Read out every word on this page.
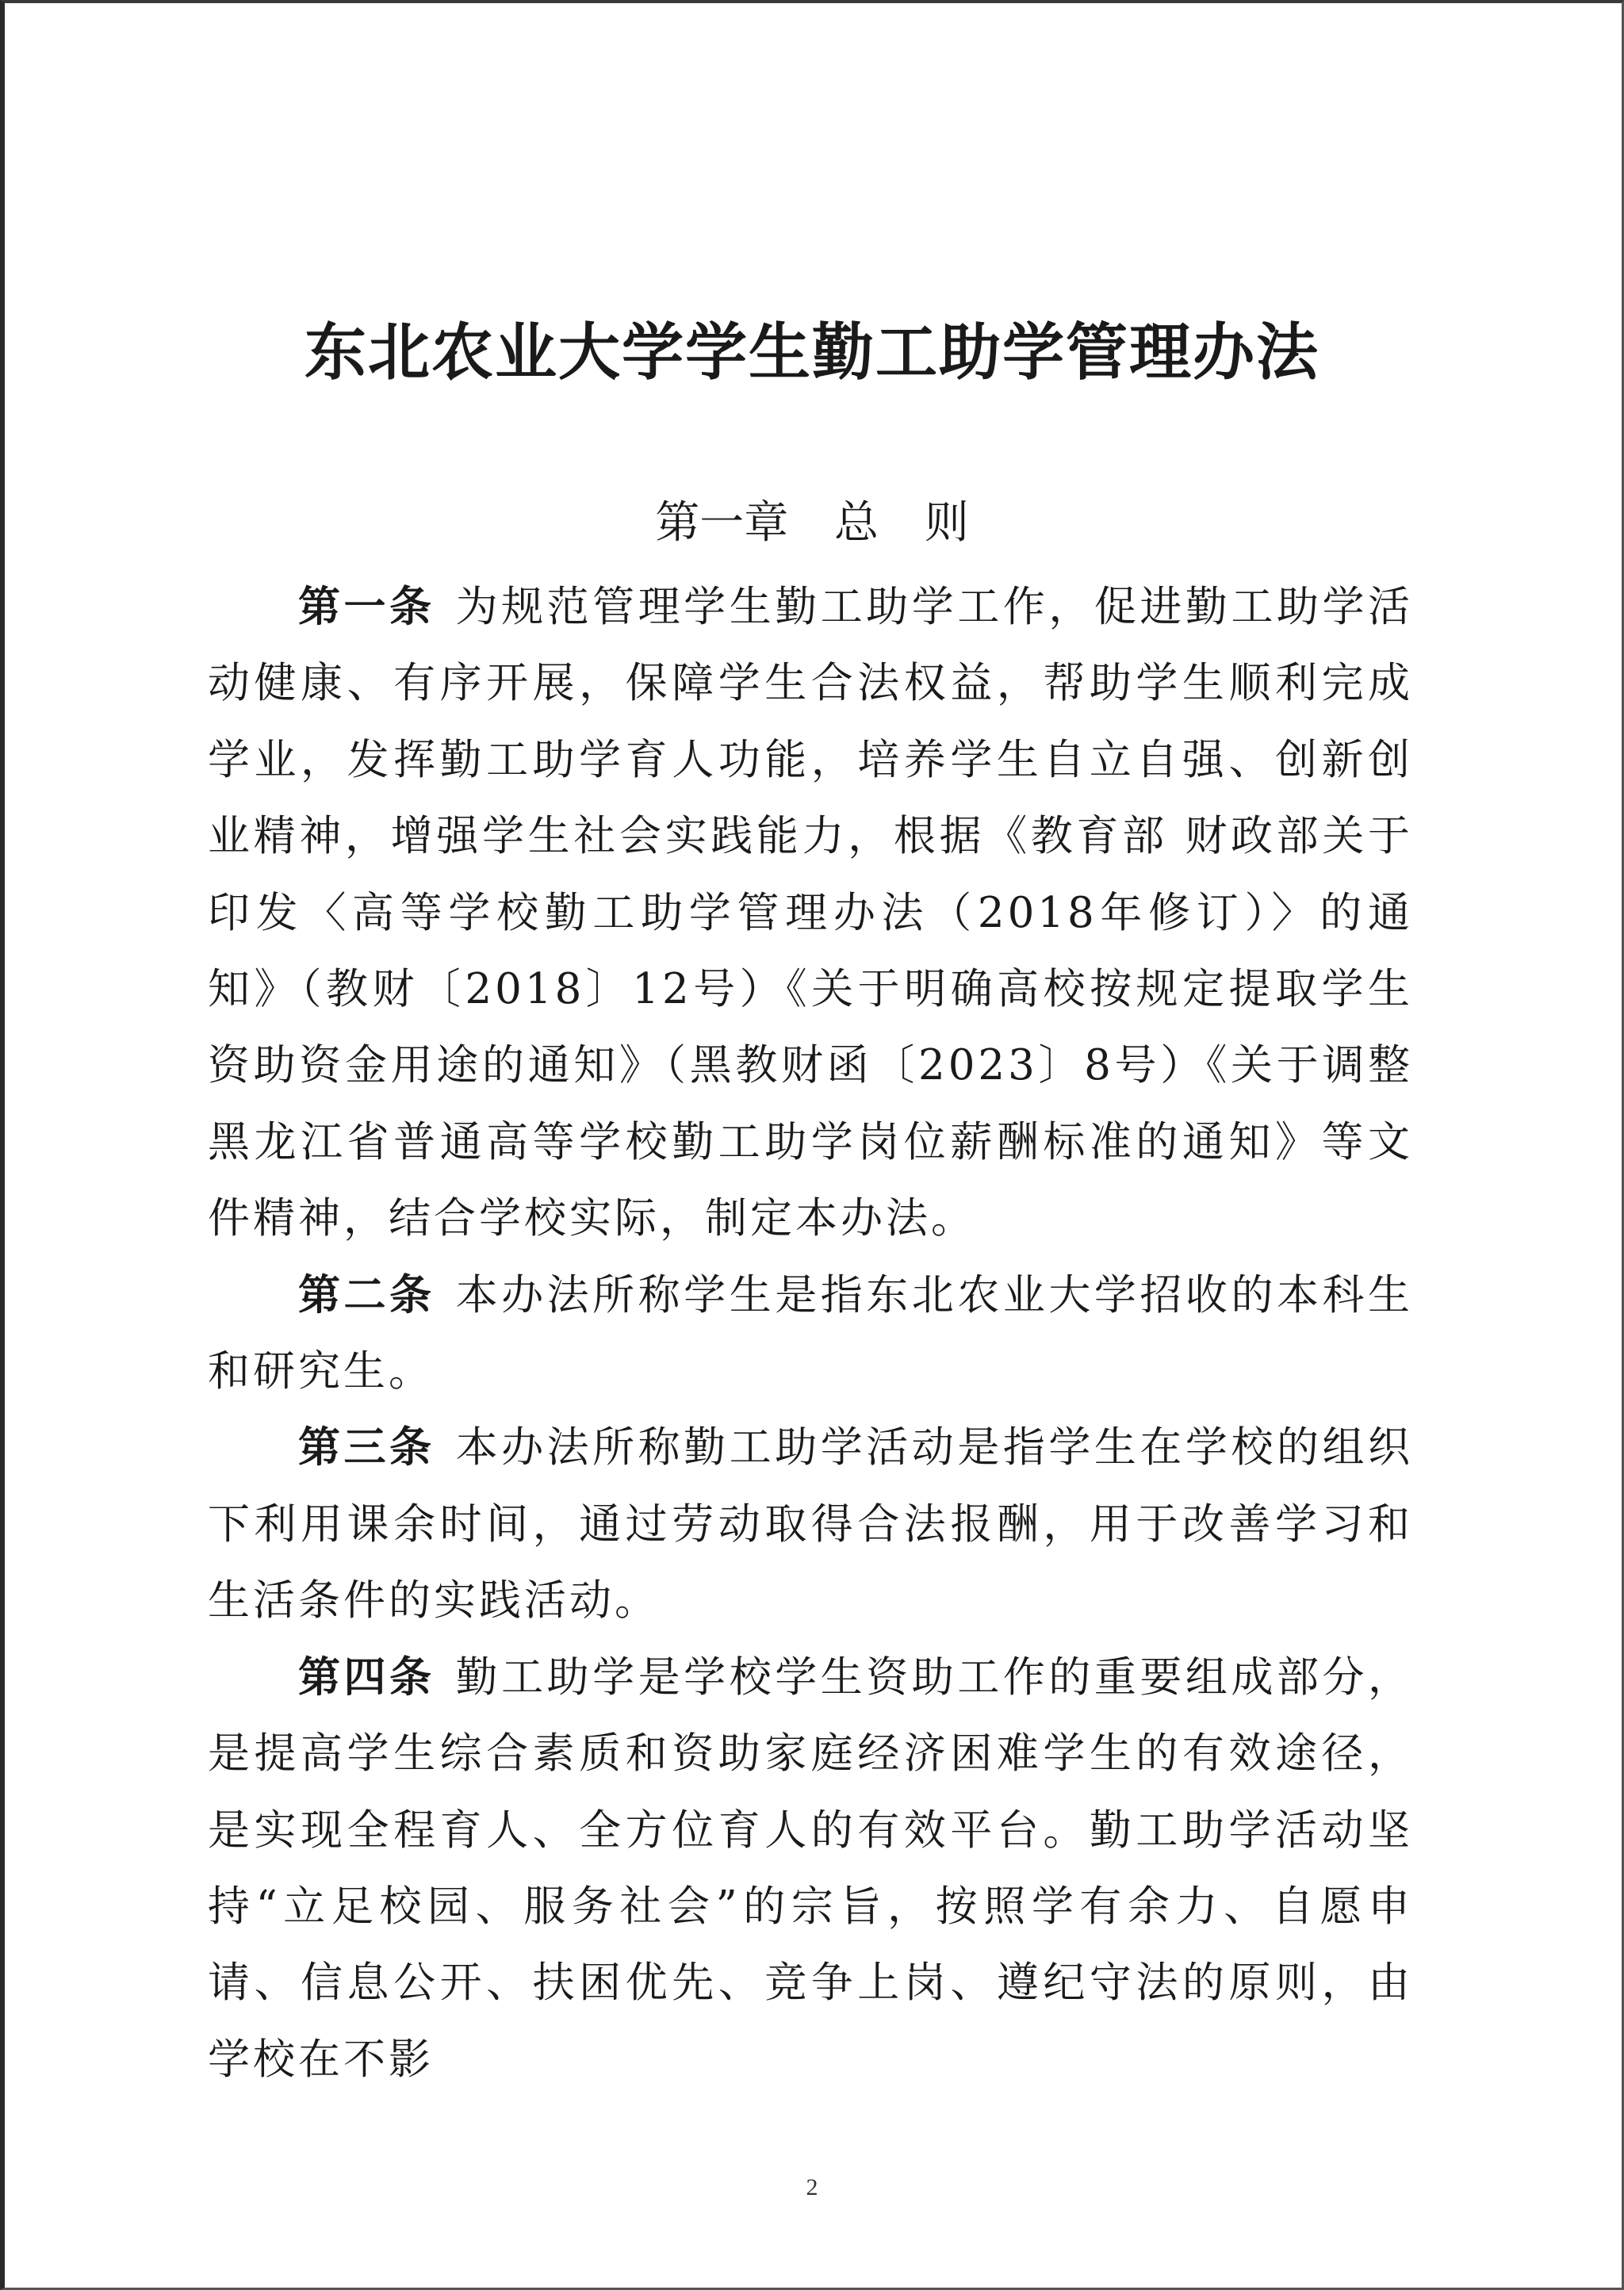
东北农业大学学生勤工助学管理办法
第一章 总 则

第一条 为规范管理学生勤工助学工作，促进勤工助学活动健康、有序开展，保障学生合法权益，帮助学生顺利完成学业，发挥勤工助学育人功能，培养学生自立自强、创新创业精神，增强学生社会实践能力，根据《教育部 财政部关于印发〈高等学校勤工助学管理办法（2018年修订）〉的通知》（教财〔2018〕12号）《关于明确高校按规定提取学生资助资金用途的通知》（黑教财函〔2023〕8号）《关于调整黑龙江省普通高等学校勤工助学岗位薪酬标准的通知》等文件精神，结合学校实际，制定本办法。

第二条 本办法所称学生是指东北农业大学招收的本科生和研究生。

第三条 本办法所称勤工助学活动是指学生在学校的组织下利用课余时间，通过劳动取得合法报酬，用于改善学习和生活条件的实践活动。

第四条 勤工助学是学校学生资助工作的重要组成部分，是提高学生综合素质和资助家庭经济困难学生的有效途径，是实现全程育人、全方位育人的有效平台。勤工助学活动坚持“立足校园、服务社会”的宗旨，按照学有余力、自愿申请、信息公开、扶困优先、竞争上岗、遵纪守法的原则，由学校在不影

2
